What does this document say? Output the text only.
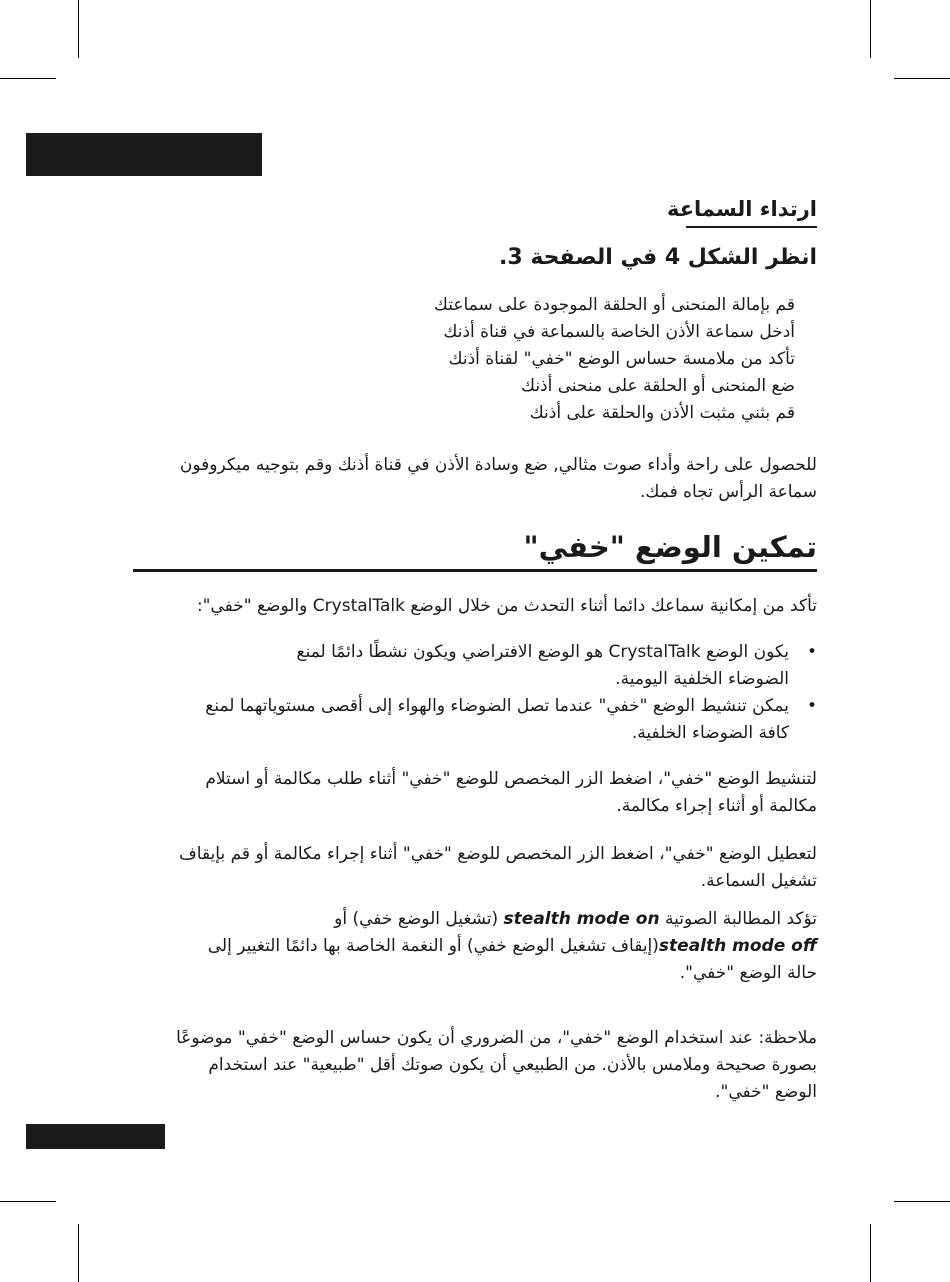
ارتداء السماعة
انظر الشكل 4 في الصفحة 3.

قم بإمالة المنحنى أو الحلقة الموجودة على سماعتك

أدخل سماعة الأذن الخاصة بالسماعة في قناة أذنك

تأكد من ملامسة حساس الوضع "خفي" لقناة أذنك

ضع المنحنى أو الحلقة على منحنى أذنك

قم بثني مثبت الأذن والحلقة على أذنك

للحصول على راحة وأداء صوت مثالي, ضع وسادة الأذن في قناة أذنك وقم بتوجيه ميكروفون
سماعة الرأس تجاه فمك.

تمكين الوضع "خفي"

تأكد من إمكانية سماعك دائما أثناء التحدث من خلال الوضع CrystalTalk والوضع "خفي":

• يكون الوضع CrystalTalk هو الوضع الافتراضي ويكون نشطًا دائمًا لمنع
الضوضاء الخلفية اليومية.

• يمكن تنشيط الوضع "خفي" عندما تصل الضوضاء والهواء إلى أقصى مستوياتهما لمنع
كافة الضوضاء الخلفية.

لتنشيط الوضع "خفي"، اضغط الزر المخصص للوضع "خفي" أثناء طلب مكالمة أو استلام
مكالمة أو أثناء إجراء مكالمة.

لتعطيل الوضع "خفي"، اضغط الزر المخصص للوضع "خفي" أثناء إجراء مكالمة أو قم بإيقاف
تشغيل السماعة.

تؤكد المطالبة الصوتية stealth mode on (تشغيل الوضع خفي) أو
stealth mode off(إيقاف تشغيل الوضع خفي) أو النغمة الخاصة بها دائمًا التغيير إلى
حالة الوضع "خفي".

ملاحظة: عند استخدام الوضع "خفي"، من الضروري أن يكون حساس الوضع "خفي" موضوعًا
بصورة صحيحة وملامس بالأذن. من الطبيعي أن يكون صوتك أقل "طبيعية" عند استخدام
الوضع "خفي".
